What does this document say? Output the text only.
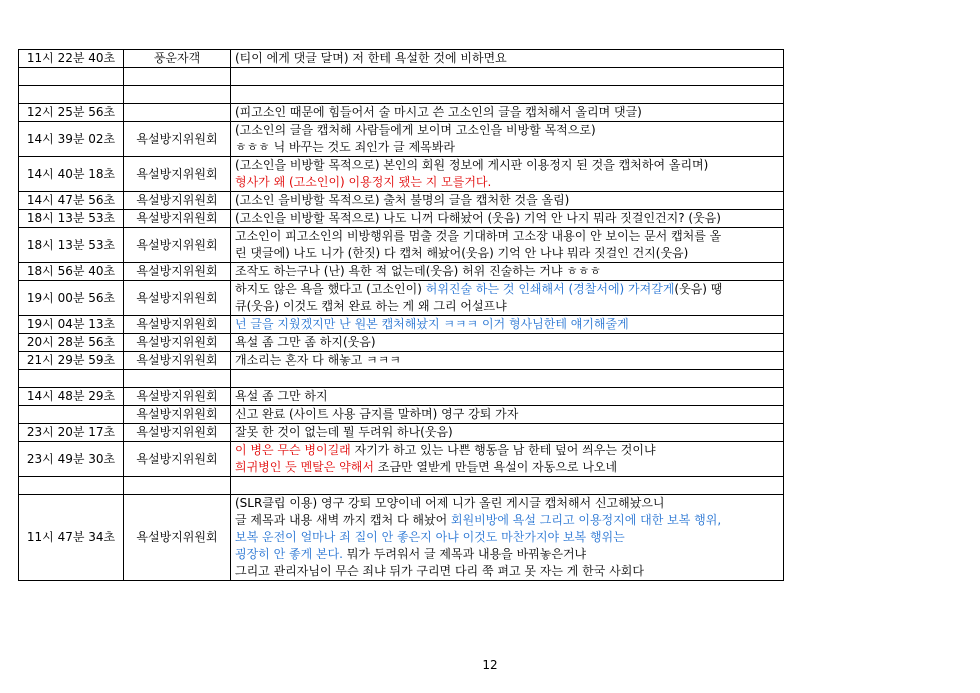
11시 22분 40초	풍운자객	(티이 에게 댓글 달며) 저 한테 욕설한 것에 비하면요

12시 25분 56초		(피고소인 때문에 힘들어서 술 마시고 쓴 고소인의 글을 캡처해서 올리며 댓글)

14시 39분 02초	욕설방지위원회	(고소인의 글을 캡처해 사람들에게 보이며 고소인을 비방할 목적으로)
ㅎㅎㅎ 닉 바꾸는 것도 죄인가 글 제목봐라

14시 40분 18초	욕설방지위원회	(고소인을 비방할 목적으로) 본인의 회원 정보에 게시판 이용정지 된 것을 캡처하여 올리며)
형사가 왜 (고소인이) 이용정지 됐는 지 모를거다.

14시 47분 56초	욕설방지위원회	(고소인 을비방할 목적으로) 출처 불명의 글을 캡처한 것을 올림)

18시 13분 53초	욕설방지위원회	(고소인을 비방할 목적으로) 나도 니꺼 다해놨어 (웃음) 기억 안 나지 뭐라 짓걸인건지? (웃음)

18시 13분 53초	욕설방지위원회	고소인이 피고소인의 비방행위를 멈출 것을 기대하며 고소장 내용이 안 보이는 문서 캡처를 올
린 댓글에) 나도 니가 (한짓) 다 캡처 해놨어(웃음) 기억 안 나냐 뭐라 짓걸인 건지(웃음)

18시 56분 40초	욕설방지위원회	조작도 하는구나 (난) 욕한 적 없는데(웃음) 허위 진술하는 거냐 ㅎㅎㅎ

19시 00분 56초	욕설방지위원회	하지도 않은 욕을 했다고 (고소인이) 허위진술 하는 것 인쇄해서 (경찰서에) 가져갈게(웃음) 땡
큐(웃음) 이것도 캡쳐 완료 하는 게 왜 그리 어설프냐

19시 04분 13초	욕설방지위원회	넌 글을 지웠겠지만 난 원본 캡처해놨지 ㅋㅋㅋ 이거 형사님한테 얘기해줄게

20시 28분 56초	욕설방지위원회	욕설 좀 그만 좀 하지(웃음)

21시 29분 59초	욕설방지위원회	개소리는 혼자 다 해놓고 ㅋㅋㅋ

14시 48분 29초	욕설방지위원회	욕설 좀 그만 하지

	욕설방지위원회	신고 완료 (사이트 사용 금지를 말하며) 영구 강퇴 가자

23시 20분 17초	욕설방지위원회	잘못 한 것이 없는데 뭘 두려워 하나(웃음)

23시 49분 30초	욕설방지위원회	이 병은 무슨 병이길래 자기가 하고 있는 나쁜 행동을 남 한테 덮어 씌우는 것이냐
희귀병인 듯 멘탈은 약해서 조금만 열받게 만들면 욕설이 자동으로 나오네

11시 47분 34초	욕설방지위원회	(SLR클립 이용) 영구 강퇴 모양이네 어제 니가 올린 게시글 캡처해서 신고해놨으니
글 제목과 내용 새벽 까지 캡처 다 해놨어 회원비방에 욕설 그리고 이용정지에 대한 보복 행위,
보복 운전이 얼마나 죄 질이 안 좋은지 아냐 이것도 마찬가지야 보복 행위는
굉장히 안 좋게 본다. 뭐가 두려워서 글 제목과 내용을 바꿔놓은거냐
그리고 관리자님이 무슨 죄냐 뒤가 구리면 다리 쭉 펴고 못 자는 게 한국 사회다
12
